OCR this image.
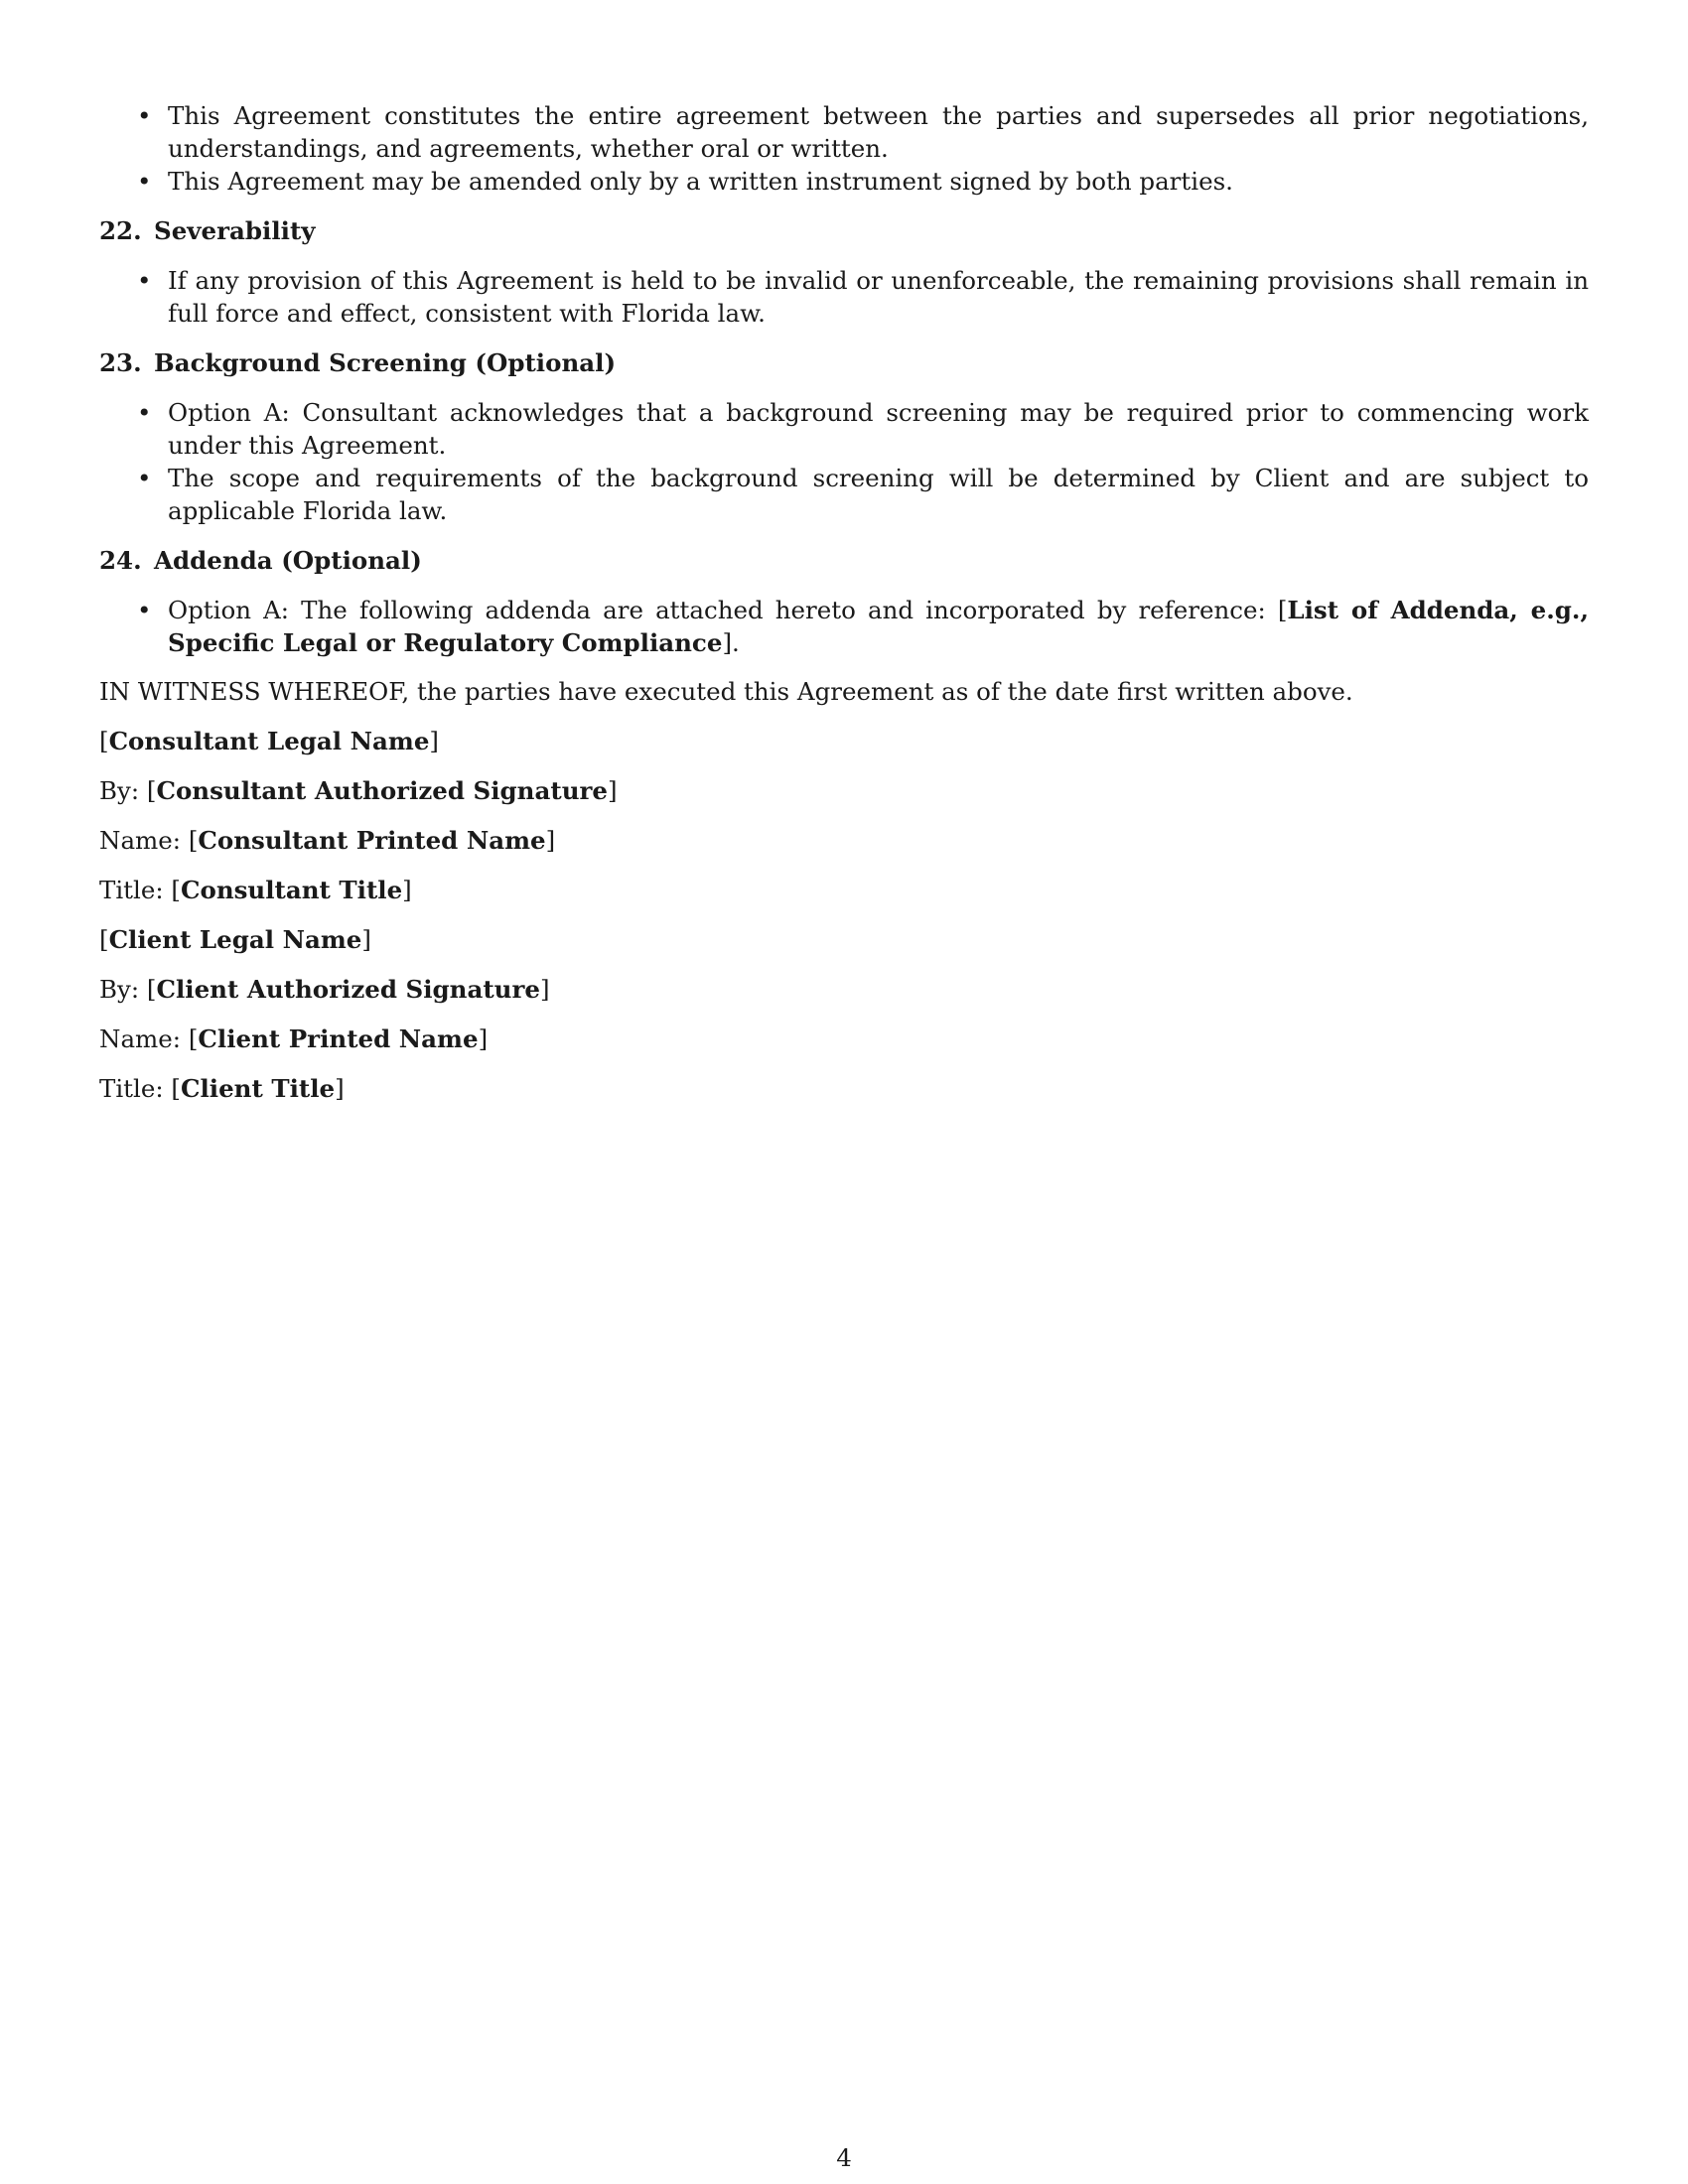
• This Agreement constitutes the entire agreement between the parties and supersedes all prior negotiations, understandings, and agreements, whether oral or written.
• This Agreement may be amended only by a written instrument signed by both parties.
22. Severability
• If any provision of this Agreement is held to be invalid or unenforceable, the remaining provisions shall remain in full force and effect, consistent with Florida law.
23. Background Screening (Optional)
• Option A: Consultant acknowledges that a background screening may be required prior to commencing work under this Agreement.
• The scope and requirements of the background screening will be determined by Client and are subject to applicable Florida law.
24. Addenda (Optional)
• Option A: The following addenda are attached hereto and incorporated by reference: [List of Addenda, e.g., Specific Legal or Regulatory Compliance].

IN WITNESS WHEREOF, the parties have executed this Agreement as of the date first written above.

[Consultant Legal Name]

By: [Consultant Authorized Signature]

Name: [Consultant Printed Name]

Title: [Consultant Title]

[Client Legal Name]

By: [Client Authorized Signature]

Name: [Client Printed Name]

Title: [Client Title]

4
